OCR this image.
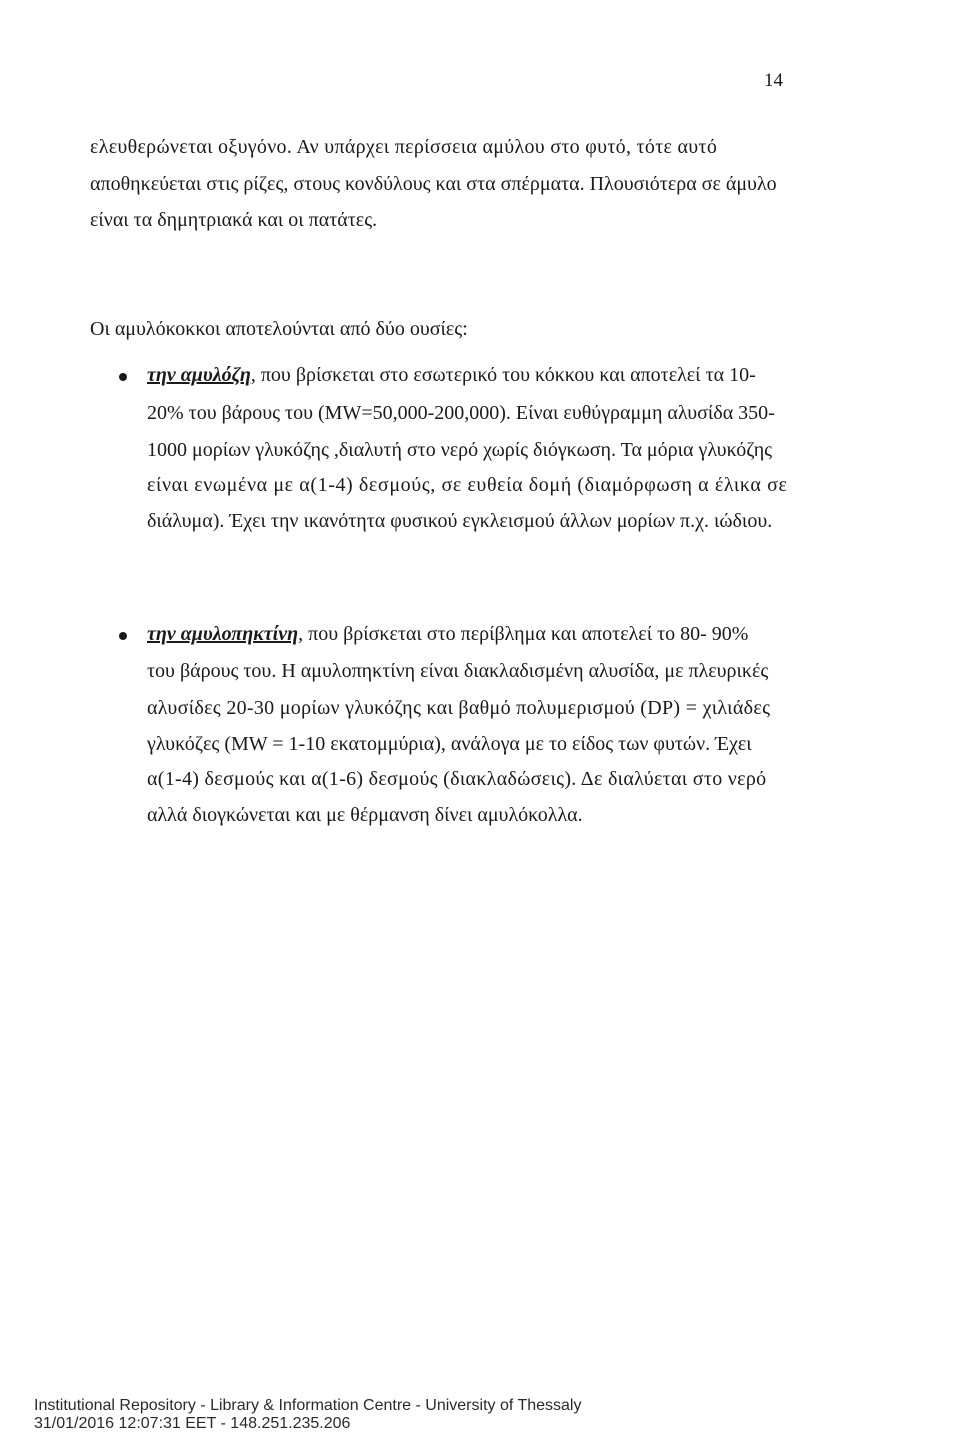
14
ελευθερώνεται οξυγόνο. Αν υπάρχει περίσσεια αμύλου στο φυτό, τότε αυτό
αποθηκεύεται στις ρίζες, στους κονδύλους και στα σπέρματα. Πλουσιότερα σε άμυλο
είναι τα δημητριακά και οι πατάτες.
Οι αμυλόκοκκοι αποτελούνται από δύο ουσίες:
την αμυλόζη, που βρίσκεται στο εσωτερικό του κόκκου και αποτελεί τα 10-
20% του βάρους του (MW=50,000-200,000). Είναι ευθύγραμμη αλυσίδα 350-
1000 μορίων γλυκόζης ,διαλυτή στο νερό χωρίς διόγκωση. Τα μόρια γλυκόζης
είναι ενωμένα με α(1-4) δεσμούς, σε ευθεία δομή (διαμόρφωση α έλικα σε
διάλυμα). Έχει την ικανότητα φυσικού εγκλεισμού άλλων μορίων π.χ. ιώδιου.
την αμυλοπηκτίνη, που βρίσκεται στο περίβλημα και αποτελεί το 80- 90%
του βάρους του. Η αμυλοπηκτίνη είναι διακλαδισμένη αλυσίδα, με πλευρικές
αλυσίδες 20-30 μορίων γλυκόζης και βαθμό πολυμερισμού (DP) = χιλιάδες
γλυκόζες (MW = 1-10 εκατομμύρια), ανάλογα με το είδος των φυτών. Έχει
α(1-4) δεσμούς και α(1-6) δεσμούς (διακλαδώσεις). Δε διαλύεται στο νερό
αλλά διογκώνεται και με θέρμανση δίνει αμυλόκολλα.
Institutional Repository - Library & Information Centre - University of Thessaly
31/01/2016 12:07:31 EET - 148.251.235.206
